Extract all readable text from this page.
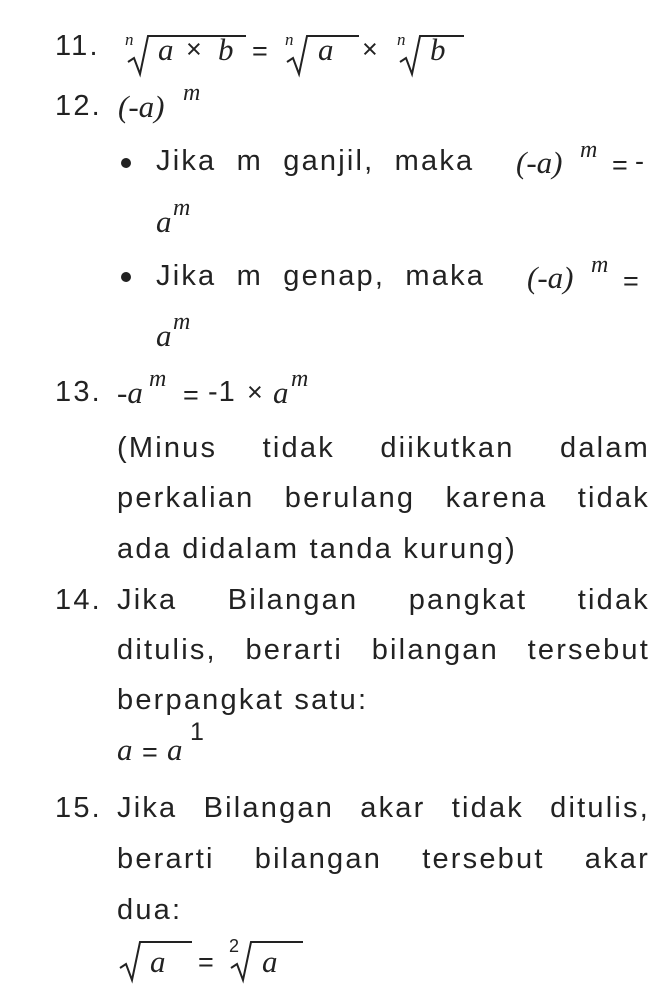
11. n a × b = n a × n b
12. (-a) m
Jika m ganjil, maka (-a) m = -
a m
Jika m genap, maka (-a) m
=
a m
13. -a m
= -1 × a m
(Minus tidak diikutkan dalam
perkalian berulang karena tidak
ada didalam tanda kurung)
14. Jika Bilangan pangkat tidak
ditulis, berarti bilangan tersebut
berpangkat satu:
a = a 1
15. Jika Bilangan akar tidak ditulis,
berarti bilangan tersebut akar
dua:
a =
2 a
